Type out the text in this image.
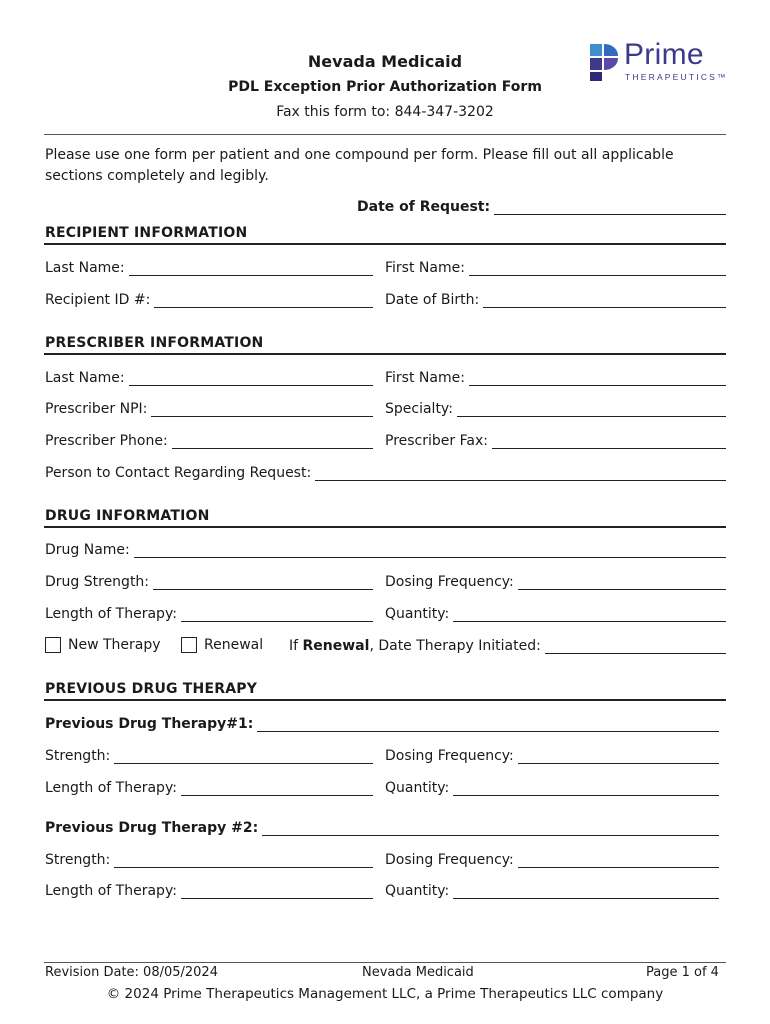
Nevada Medicaid
PDL Exception Prior Authorization Form
Fax this form to: 844-347-3202
Prime
THERAPEUTICS™
Please use one form per patient and one compound per form. Please fill out all applicable sections completely and legibly.
Date of Request:
RECIPIENT INFORMATION
Last Name:	First Name:
Recipient ID #:	Date of Birth:
PRESCRIBER INFORMATION
Last Name:	First Name:
Prescriber NPI:	Specialty:
Prescriber Phone:	Prescriber Fax:
Person to Contact Regarding Request:
DRUG INFORMATION
Drug Name:
Drug Strength:	Dosing Frequency:
Length of Therapy:	Quantity:
New Therapy	Renewal If Renewal, Date Therapy Initiated:
PREVIOUS DRUG THERAPY
Previous Drug Therapy#1:
Strength:	Dosing Frequency:
Length of Therapy:	Quantity:
Previous Drug Therapy #2:
Strength:	Dosing Frequency:
Length of Therapy:	Quantity:
Revision Date: 08/05/2024	Nevada Medicaid	Page 1 of 4
© 2024 Prime Therapeutics Management LLC, a Prime Therapeutics LLC company
